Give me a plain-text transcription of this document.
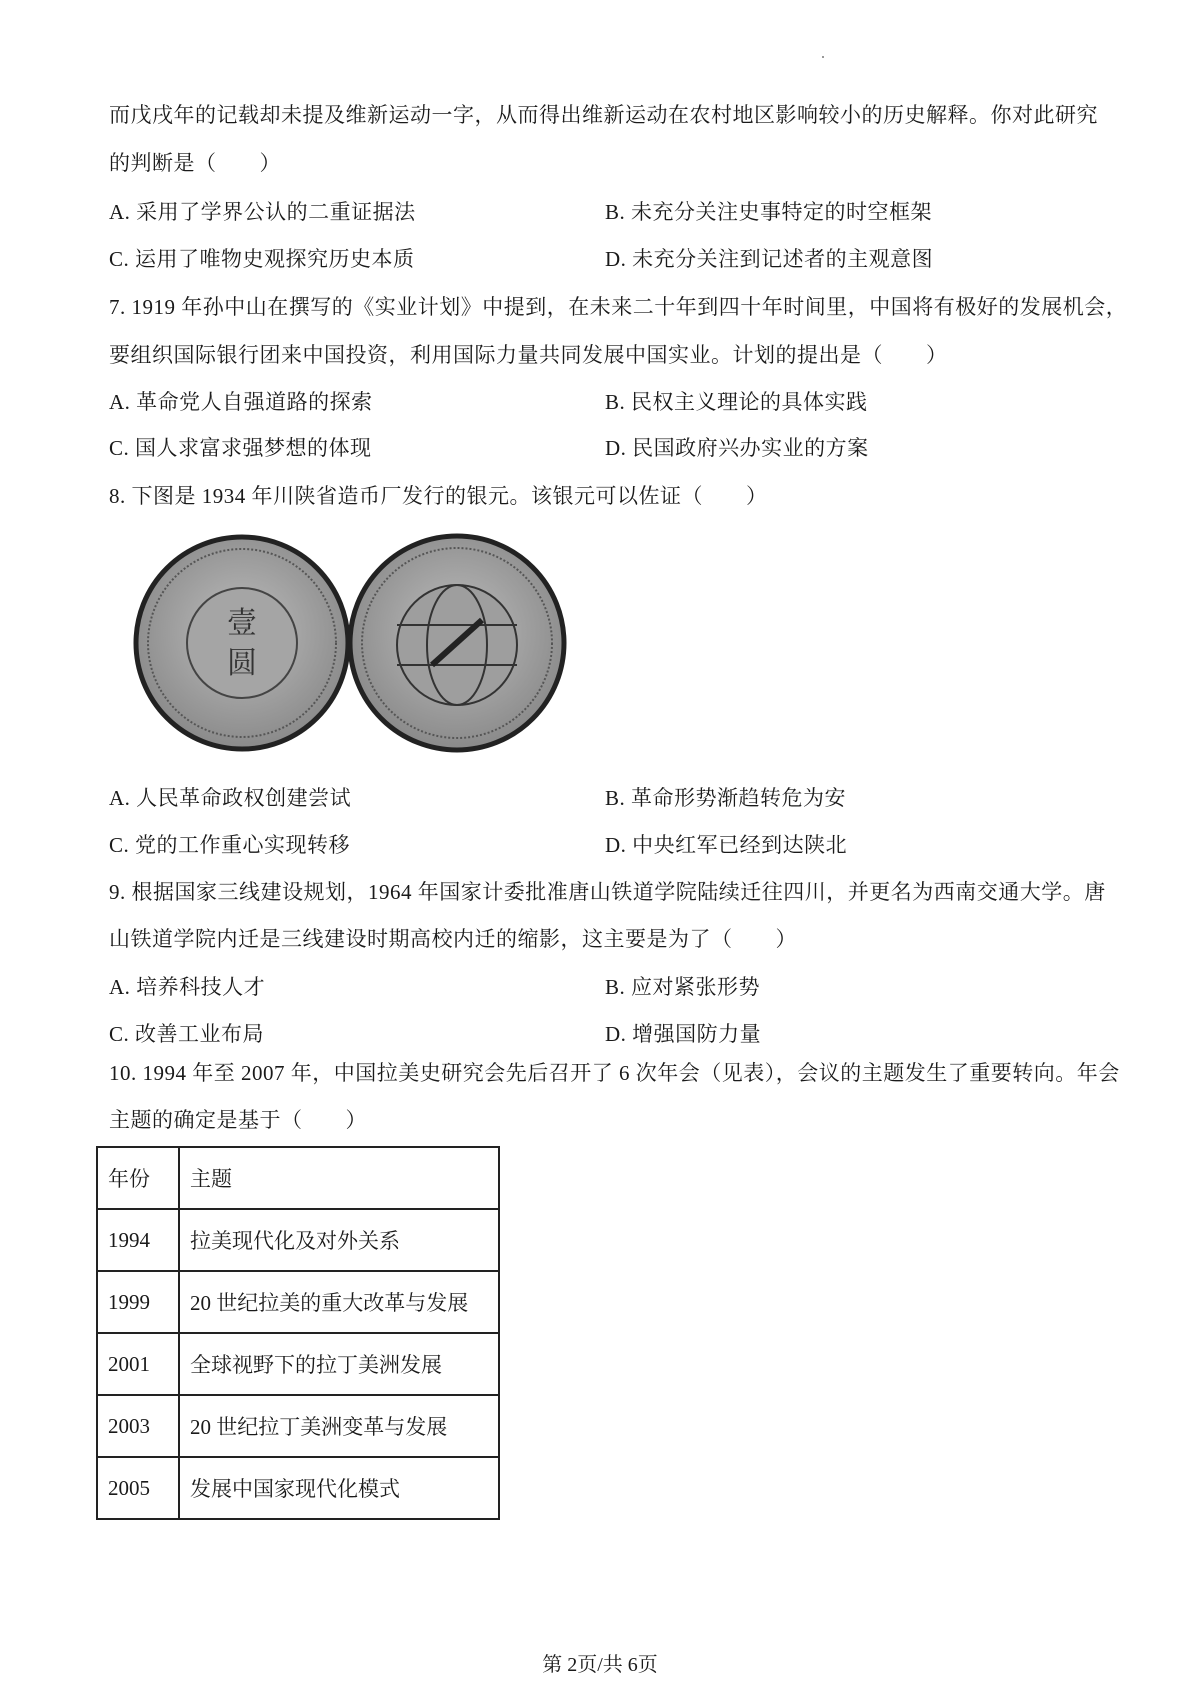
而戊戌年的记载却未提及维新运动一字，从而得出维新运动在农村地区影响较小的历史解释。你对此研究
的判断是（　　）
A. 采用了学界公认的二重证据法	B. 未充分关注史事特定的时空框架
C. 运用了唯物史观探究历史本质	D. 未充分关注到记述者的主观意图
7. 1919 年孙中山在撰写的《实业计划》中提到，在未来二十年到四十年时间里，中国将有极好的发展机会，
要组织国际银行团来中国投资，利用国际力量共同发展中国实业。计划的提出是（　　）
A. 革命党人自强道路的探索	B. 民权主义理论的具体实践
C. 国人求富求强梦想的体现	D. 民国政府兴办实业的方案
8. 下图是 1934 年川陕省造币厂发行的银元。该银元可以佐证（　　）
壹
圆
A. 人民革命政权创建尝试	B. 革命形势渐趋转危为安
C. 党的工作重心实现转移	D. 中央红军已经到达陕北
9. 根据国家三线建设规划，1964 年国家计委批准唐山铁道学院陆续迁往四川，并更名为西南交通大学。唐
山铁道学院内迁是三线建设时期高校内迁的缩影，这主要是为了（　　）
A. 培养科技人才	B. 应对紧张形势
C. 改善工业布局	D. 增强国防力量
10. 1994 年至 2007 年，中国拉美史研究会先后召开了 6 次年会（见表），会议的主题发生了重要转向。年会
主题的确定是基于（　　）
年份	主题
1994	拉美现代化及对外关系
1999	20 世纪拉美的重大改革与发展
2001	全球视野下的拉丁美洲发展
2003	20 世纪拉丁美洲变革与发展
2005	发展中国家现代化模式
第 2页/共 6页
